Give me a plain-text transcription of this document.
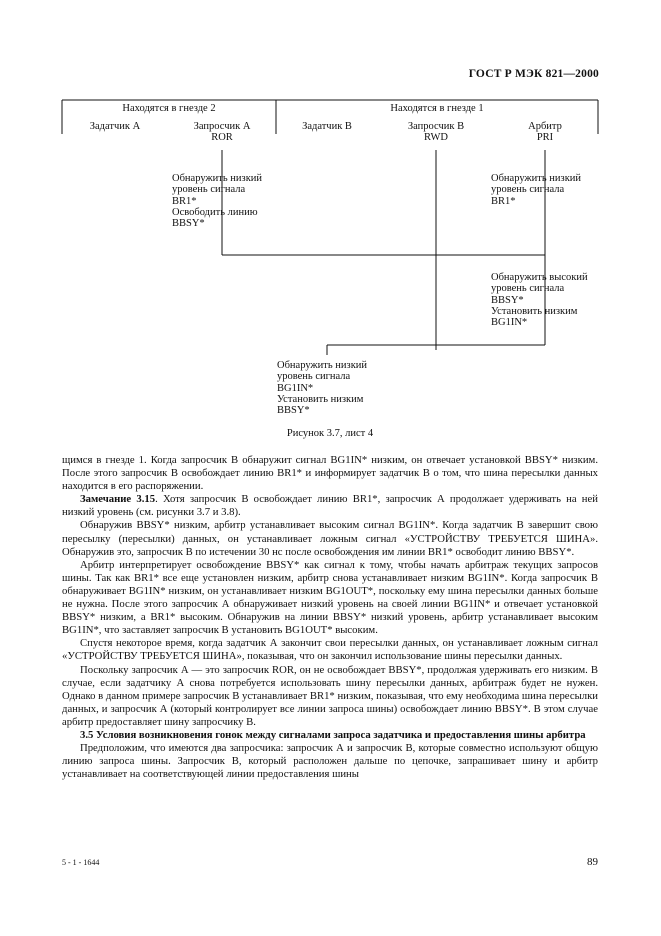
ГОСТ Р МЭК 821—2000
Находятся в гнезде 2	Находятся в гнезде 1
Задатчик А	Запросчик А
ROR
Задатчик В	Запросчик В
RWD
Арбитр
PRI
Обнаружить низкий
уровень сигнала
BR1*
Освободить линию
BBSY*
Обнаружить низкий
уровень сигнала
BR1*
Обнаружить высокий
уровень сигнала
BBSY*
Установить низким
BG1IN*
Обнаружить низкий
уровень сигнала
BG1IN*
Установить низким
BBSY*
Рисунок 3.7, лист 4

щимся в гнезде 1. Когда запросчик В обнаружит сигнал BG1IN* низким, он отвечает установкой BBSY* низким. После этого запросчик В освобождает линию BR1* и информирует задатчик В о том, что шина пересылки данных находится в его распоряжении.

Замечание 3.15. Хотя запросчик В освобождает линию BR1*, запросчик А продолжает удерживать на ней низкий уровень (см. рисунки 3.7 и 3.8).

Обнаружив BBSY* низким, арбитр устанавливает высоким сигнал BG1IN*. Когда задатчик В завершит свою пересылку (пересылки) данных, он устанавливает ложным сигнал «УСТРОЙСТВУ ТРЕБУЕТСЯ ШИНА». Обнаружив это, запросчик В по истечении 30 нс после освобождения им линии BR1* освободит линию BBSY*.

Арбитр интерпретирует освобождение BBSY* как сигнал к тому, чтобы начать арбитраж текущих запросов шины. Так как BR1* все еще установлен низким, арбитр снова устанавливает низким BG1IN*. Когда запросчик В обнаруживает BG1IN* низким, он устанавливает низким BG1OUT*, поскольку ему шина пересылки данных больше не нужна. После этого запросчик А обнаруживает низкий уровень на своей линии BG1IN* и отвечает установкой BBSY* низким, а BR1* высоким. Обнаружив на линии BBSY* низкий уровень, арбитр устанавливает высоким BG1IN*, что заставляет запросчик В установить BG1OUT* высоким.

Спустя некоторое время, когда задатчик А закончит свои пересылки данных, он устанавливает ложным сигнал «УСТРОЙСТВУ ТРЕБУЕТСЯ ШИНА», показывая, что он закончил использование шины пересылки данных.

Поскольку запросчик А — это запросчик ROR, он не освобождает BBSY*, продолжая удерживать его низким. В случае, если задатчику А снова потребуется использовать шину пересылки данных, арбитраж будет не нужен. Однако в данном примере запросчик В устанавливает BR1* низким, показывая, что ему необходима шина пересылки данных, и запросчик А (который контролирует все линии запроса шины) освобождает линию BBSY*. В этом случае арбитр предоставляет шину запросчику В.

3.5 Условия возникновения гонок между сигналами запроса задатчика и предоставления шины арбитра

Предположим, что имеются два запросчика: запросчик А и запросчик В, которые совместно используют общую линию запроса шины. Запросчик В, который расположен дальше по цепочке, запрашивает шину и арбитр устанавливает на соответствующей линии предоставления шины

5 - 1 - 1644	89
